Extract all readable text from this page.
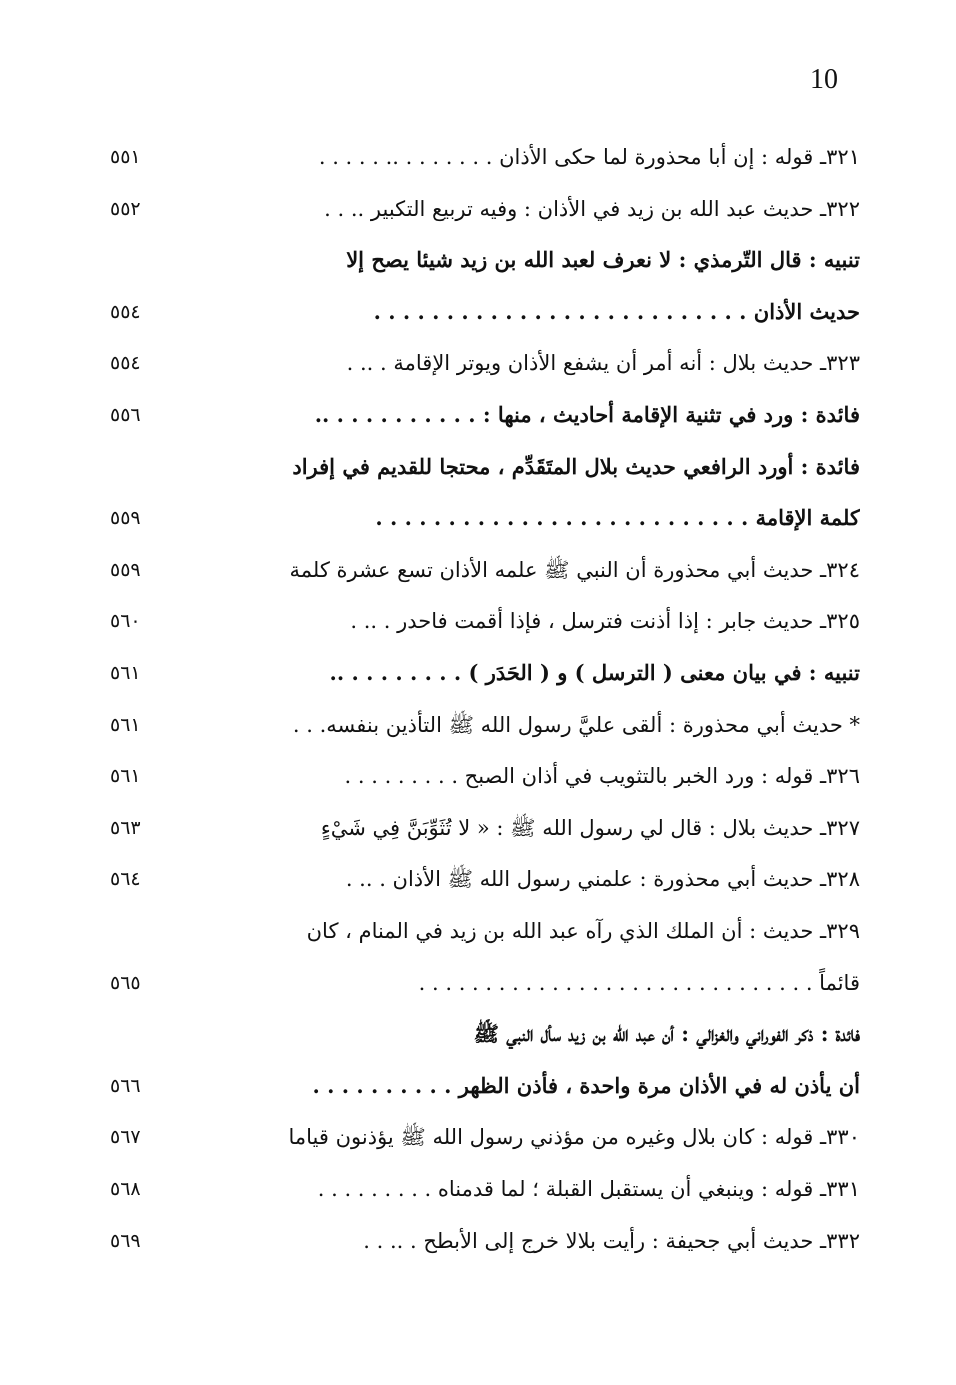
10
٣٢١ـ قوله : إن أبا محذورة لما حكى الأذان . . . . . . . .. . . . . .
٥٥١
٣٢٢ـ حديث عبد الله بن زيد في الأذان : وفيه تربيع التكبير .. . .
٥٥٢
تنبيه : قال التّرمذي : لا نعرف لعبد الله بن زيد شيئا يصح إلا
حديث الأذان . . . . . . . . . . . . . . . . . . . . . . . . . .
٥٥٤
٣٢٣ـ حديث بلال : أنه أمر أن يشفع الأذان ويوتر الإقامة . .. .
٥٥٤
فائدة : ورد في تثنية الإقامة أحاديث ، منها : . . . . . . . . . . ..
٥٥٦
فائدة : أورد الرافعي حديث بلال المتَقَدِّم ، محتجا للقديم في إفراد
كلمة الإقامة . . . . . . . . . . . . . . . . . . . . . . . . . .
٥٥٩
٣٢٤ـ حديث أبي محذورة أن النبي ﷺ علمه الأذان تسع عشرة كلمة
٥٥٩
٣٢٥ـ حديث جابر : إذا أذنت فترسل ، فإذا أقمت فاحدر . .. .
٥٦٠
تنبيه : في بيان معنى ( الترسل ) و ( الحَدَر ) . . . . . . . . ..
٥٦١
* حديث أبي محذورة : ألقى عليَّ رسول الله ﷺ التأذين بنفسه. . .
٥٦١
٣٢٦ـ قوله : ورد الخبر بالتثويب في أذان الصبح . . . . . . . . .
٥٦١
٣٢٧ـ حديث بلال : قال لي رسول الله ﷺ : « لا تُثَوِّبَنَّ فِي شَيْءٍ
٥٦٣
٣٢٨ـ حديث أبي محذورة : علمني رسول الله ﷺ الأذان . .. .
٥٦٤
٣٢٩ـ حديث : أن الملك الذي رآه عبد الله بن زيد في المنام ، كان
قائماً . . . . . . . . . . . . . . . . . . . . . . . . . . . . . .
٥٦٥
فائدة : ذكر الفوراني والغزالي : أن عبد الله بن زيد سأل النبي ﷺ
أن يأذن له في الأذان مرة واحدة ، فأذن الظهر . . . . . . . . . .
٥٦٦
٣٣٠ـ قوله : كان بلال وغيره من مؤذني رسول الله ﷺ يؤذنون قياما
٥٦٧
٣٣١ـ قوله : وينبغي أن يستقبل القبلة ؛ لما قدمناه . . . . . . . . .
٥٦٨
٣٣٢ـ حديث أبي جحيفة : رأيت بلالا خرج إلى الأبطح . .. . .
٥٦٩
